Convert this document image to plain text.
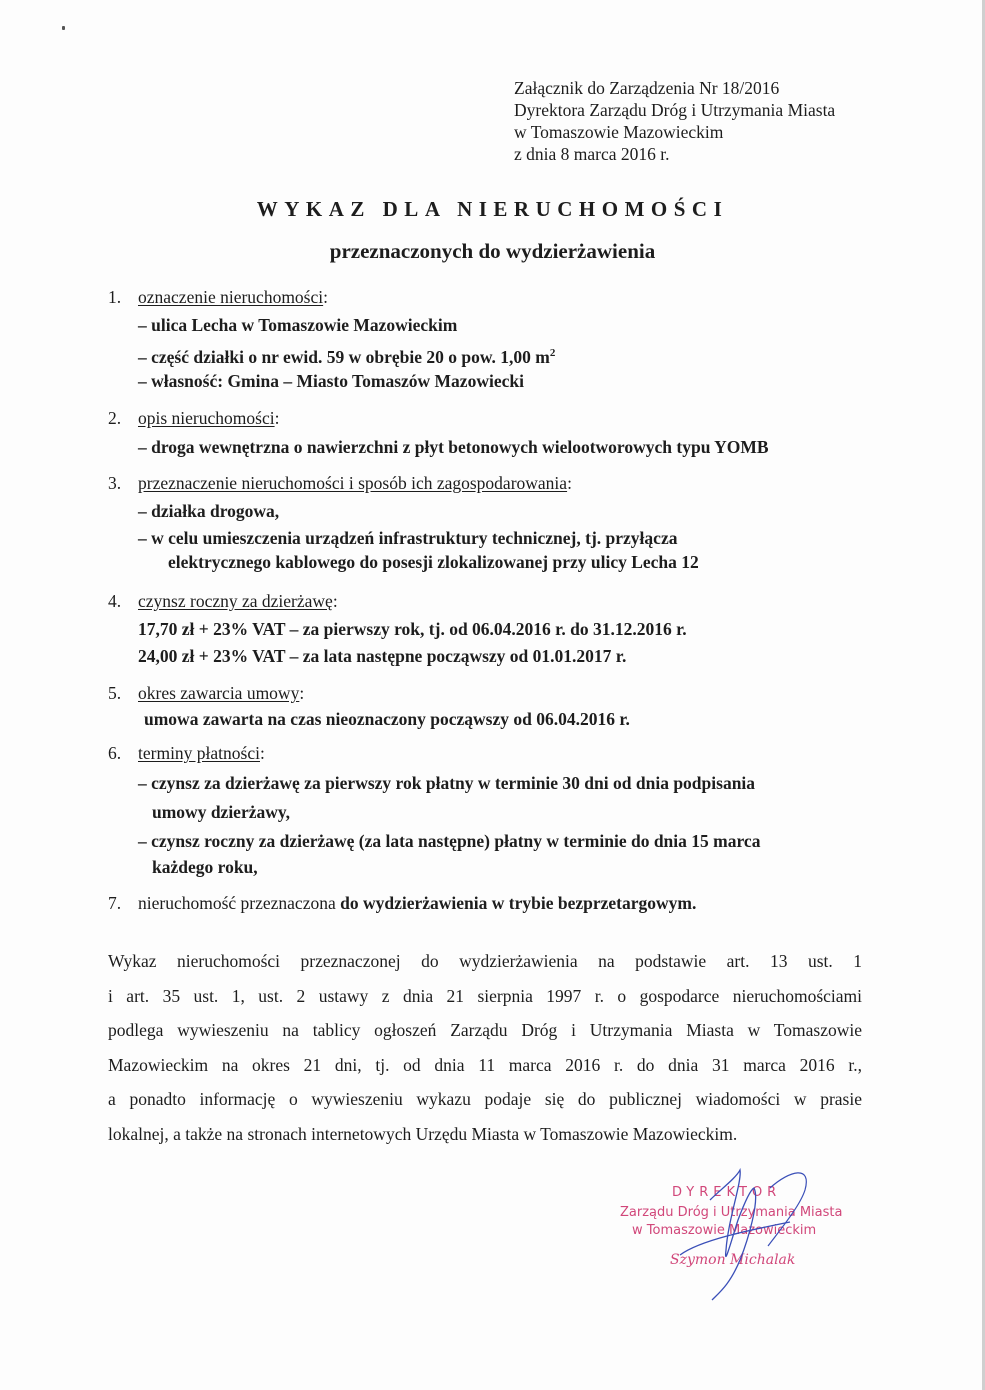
Załącznik do Zarządzenia Nr 18/2016
Dyrektora Zarządu Dróg i Utrzymania Miasta
w Tomaszowie Mazowieckim
z dnia 8 marca 2016 r.
WYKAZ DLA NIERUCHOMOŚCI
przeznaczonych do wydzierżawienia
1. oznaczenie nieruchomości:
– ulica Lecha w Tomaszowie Mazowieckim
– część działki o nr ewid. 59 w obrębie 20 o pow. 1,00 $m^2$
– własność: Gmina – Miasto Tomaszów Mazowiecki
2. opis nieruchomości:
– droga wewnętrzna o nawierzchni z płyt betonowych wielootworowych typu YOMB
3. przeznaczenie nieruchomości i sposób ich zagospodarowania:
– działka drogowa,
– w celu umieszczenia urządzeń infrastruktury technicznej, tj. przyłącza
elektrycznego kablowego do posesji zlokalizowanej przy ulicy Lecha 12
4. czynsz roczny za dzierżawę:
17,70 zł + 23% VAT – za pierwszy rok, tj. od 06.04.2016 r. do 31.12.2016 r.
24,00 zł + 23% VAT – za lata następne począwszy od 01.01.2017 r.
5. okres zawarcia umowy:
umowa zawarta na czas nieoznaczony począwszy od 06.04.2016 r.
6. terminy płatności:
– czynsz za dzierżawę za pierwszy rok płatny w terminie 30 dni od dnia podpisania
umowy dzierżawy,
– czynsz roczny za dzierżawę (za lata następne) płatny w terminie do dnia 15 marca
każdego roku,
7. nieruchomość przeznaczona do wydzierżawienia w trybie bezprzetargowym.
Wykaz nieruchomości przeznaczonej do wydzierżawienia na podstawie art. 13 ust. 1
i art. 35 ust. 1, ust. 2 ustawy z dnia 21 sierpnia 1997 r. o gospodarce nieruchomościami
podlega wywieszeniu na tablicy ogłoszeń Zarządu Dróg i Utrzymania Miasta w Tomaszowie
Mazowieckim na okres 21 dni, tj. od dnia 11 marca 2016 r. do dnia 31 marca 2016 r.,
a ponadto informację o wywieszeniu wykazu podaje się do publicznej wiadomości w prasie
lokalnej, a także na stronach internetowych Urzędu Miasta w Tomaszowie Mazowieckim.
DYREKTOR
Zarządu Dróg i Utrzymania Miasta
w Tomaszowie Mazowieckim
Szymon Michalak
